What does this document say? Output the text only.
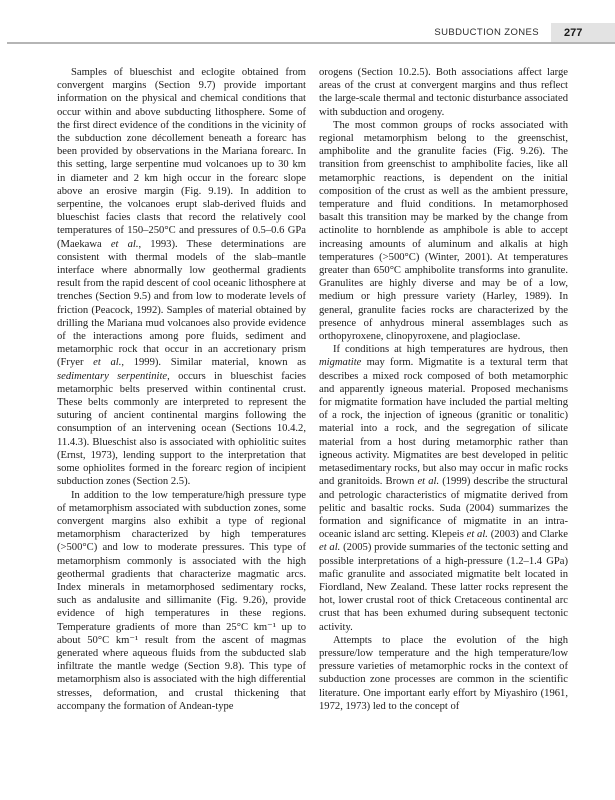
SUBDUCTION ZONES 277

Samples of blueschist and eclogite obtained from convergent margins (Section 9.7) provide important information on the physical and chemical conditions that occur within and above subducting lithosphere. Some of the first direct evidence of the conditions in the vicinity of the subduction zone décollement beneath a forearc has been provided by observations in the Mariana forearc. In this setting, large serpentine mud volcanoes up to 30 km in diameter and 2 km high occur in the forearc slope above an erosive margin (Fig. 9.19). In addition to serpentine, the volcanoes erupt slab-derived fluids and blueschist facies clasts that record the relatively cool temperatures of 150–250°C and pressures of 0.5–0.6 GPa (Maekawa et al., 1993). These determinations are consistent with thermal models of the slab–mantle interface where abnormally low geothermal gradients result from the rapid descent of cool oceanic lithosphere at trenches (Section 9.5) and from low to moderate levels of friction (Peacock, 1992). Samples of material obtained by drilling the Mariana mud volcanoes also provide evidence of the interactions among pore fluids, sediment and metamorphic rock that occur in an accretionary prism (Fryer et al., 1999). Similar material, known as sedimentary serpentinite, occurs in blueschist facies metamorphic belts preserved within continental crust. These belts commonly are interpreted to represent the suturing of ancient continental margins following the consumption of an intervening ocean (Sections 10.4.2, 11.4.3). Blueschist also is associated with ophiolitic suites (Ernst, 1973), lending support to the interpretation that some ophiolites formed in the forearc region of incipient subduction zones (Section 2.5).

In addition to the low temperature/high pressure type of metamorphism associated with subduction zones, some convergent margins also exhibit a type of regional metamorphism characterized by high temperatures (>500°C) and low to moderate pressures. This type of metamorphism commonly is associated with the high geothermal gradients that characterize magmatic arcs. Index minerals in metamorphosed sedimentary rocks, such as andalusite and sillimanite (Fig. 9.26), provide evidence of high temperatures in these regions. Temperature gradients of more than 25°C km⁻¹ up to about 50°C km⁻¹ result from the ascent of magmas generated where aqueous fluids from the subducted slab infiltrate the mantle wedge (Section 9.8). This type of metamorphism also is associated with the high differential stresses, deformation, and crustal thickening that accompany the formation of Andean-type

orogens (Section 10.2.5). Both associations affect large areas of the crust at convergent margins and thus reflect the large-scale thermal and tectonic disturbance associated with subduction and orogeny.

The most common groups of rocks associated with regional metamorphism belong to the greenschist, amphibolite and the granulite facies (Fig. 9.26). The transition from greenschist to amphibolite facies, like all metamorphic reactions, is dependent on the initial composition of the crust as well as the ambient pressure, temperature and fluid conditions. In metamorphosed basalt this transition may be marked by the change from actinolite to hornblende as amphibole is able to accept increasing amounts of aluminum and alkalis at high temperatures (>500°C) (Winter, 2001). At temperatures greater than 650°C amphibolite transforms into granulite. Granulites are highly diverse and may be of a low, medium or high pressure variety (Harley, 1989). In general, granulite facies rocks are characterized by the presence of anhydrous mineral assemblages such as orthopyroxene, clinopyroxene, and plagioclase.

If conditions at high temperatures are hydrous, then migmatite may form. Migmatite is a textural term that describes a mixed rock composed of both metamorphic and apparently igneous material. Proposed mechanisms for migmatite formation have included the partial melting of a rock, the injection of igneous (granitic or tonalitic) material into a rock, and the segregation of silicate material from a host during metamorphic rather than igneous activity. Migmatites are best developed in pelitic metasedimentary rocks, but also may occur in mafic rocks and granitoids. Brown et al. (1999) describe the structural and petrologic characteristics of migmatite derived from pelitic and basaltic rocks. Suda (2004) summarizes the formation and significance of migmatite in an intra-oceanic island arc setting. Klepeis et al. (2003) and Clarke et al. (2005) provide summaries of the tectonic setting and possible interpretations of a high-pressure (1.2–1.4 GPa) mafic granulite and associated migmatite belt located in Fiordland, New Zealand. These latter rocks represent the hot, lower crustal root of thick Cretaceous continental arc crust that has been exhumed during subsequent tectonic activity.

Attempts to place the evolution of the high pressure/low temperature and the high temperature/low pressure varieties of metamorphic rocks in the context of subduction zone processes are common in the scientific literature. One important early effort by Miyashiro (1961, 1972, 1973) led to the concept of
